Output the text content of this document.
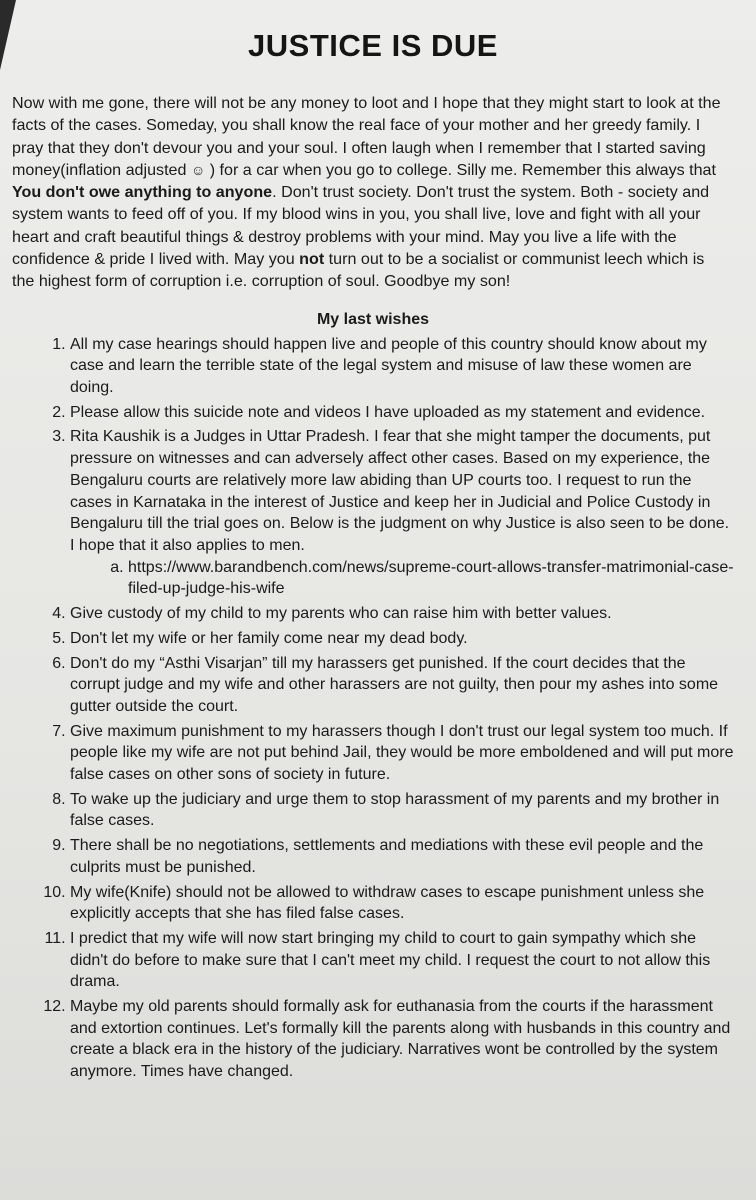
JUSTICE IS DUE

Now with me gone, there will not be any money to loot and I hope that they might start to look at the facts of the cases. Someday, you shall know the real face of your mother and her greedy family. I pray that they don't devour you and your soul. I often laugh when I remember that I started saving money(inflation adjusted ☺ ) for a car when you go to college. Silly me. Remember this always that You don't owe anything to anyone. Don't trust society. Don't trust the system. Both - society and system wants to feed off of you. If my blood wins in you, you shall live, love and fight with all your heart and craft beautiful things & destroy problems with your mind. May you live a life with the confidence & pride I lived with. May you not turn out to be a socialist or communist leech which is the highest form of corruption i.e. corruption of soul. Goodbye my son!

My last wishes
1. All my case hearings should happen live and people of this country should know about my case and learn the terrible state of the legal system and misuse of law these women are doing.
2. Please allow this suicide note and videos I have uploaded as my statement and evidence.
3. Rita Kaushik is a Judges in Uttar Pradesh. I fear that she might tamper the documents, put pressure on witnesses and can adversely affect other cases. Based on my experience, the Bengaluru courts are relatively more law abiding than UP courts too. I request to run the cases in Karnataka in the interest of Justice and keep her in Judicial and Police Custody in Bengaluru till the trial goes on. Below is the judgment on why Justice is also seen to be done. I hope that it also applies to men.
a. https://www.barandbench.com/news/supreme-court-allows-transfer-matrimonial-case-filed-up-judge-his-wife
4. Give custody of my child to my parents who can raise him with better values.
5. Don't let my wife or her family come near my dead body.
6. Don't do my “Asthi Visarjan” till my harassers get punished. If the court decides that the corrupt judge and my wife and other harassers are not guilty, then pour my ashes into some gutter outside the court.
7. Give maximum punishment to my harassers though I don't trust our legal system too much. If people like my wife are not put behind Jail, they would be more emboldened and will put more false cases on other sons of society in future.
8. To wake up the judiciary and urge them to stop harassment of my parents and my brother in false cases.
9. There shall be no negotiations, settlements and mediations with these evil people and the culprits must be punished.
10. My wife(Knife) should not be allowed to withdraw cases to escape punishment unless she explicitly accepts that she has filed false cases.
11. I predict that my wife will now start bringing my child to court to gain sympathy which she didn't do before to make sure that I can't meet my child. I request the court to not allow this drama.
12. Maybe my old parents should formally ask for euthanasia from the courts if the harassment and extortion continues. Let's formally kill the parents along with husbands in this country and create a black era in the history of the judiciary. Narratives wont be controlled by the system anymore. Times have changed.
